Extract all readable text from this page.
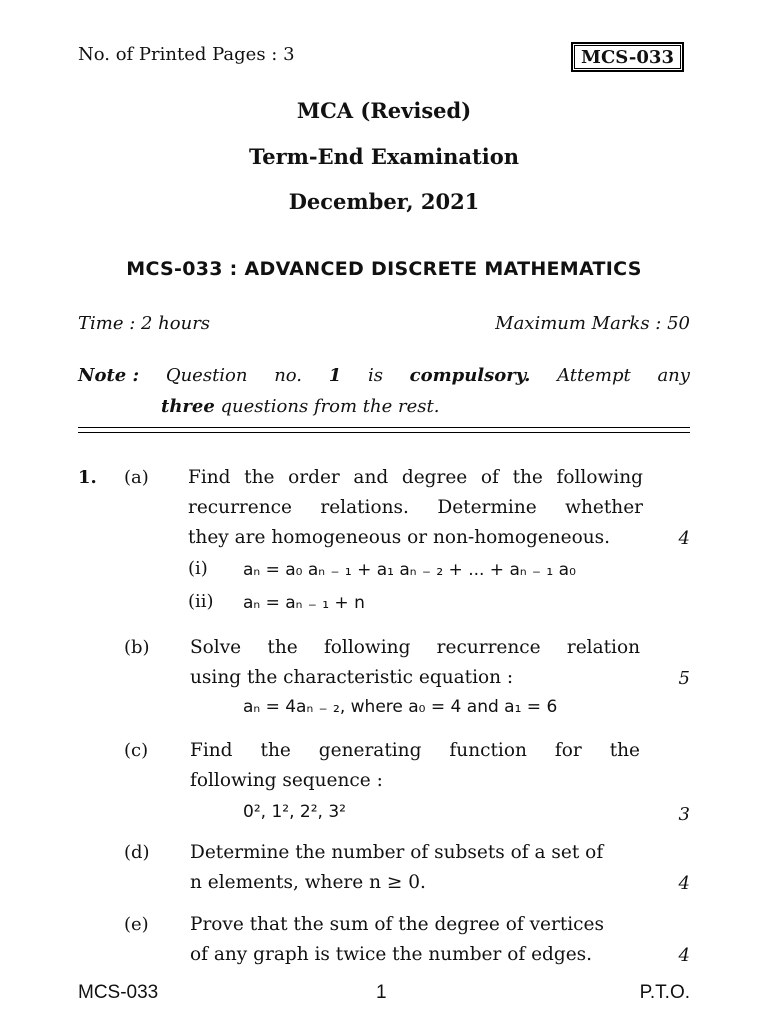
No. of Printed Pages : 3	MCS-033
MCA (Revised)
Term-End Examination
December, 2021
MCS-033 : ADVANCED DISCRETE MATHEMATICS
Time : 2 hours	Maximum Marks : 50
Note : Question no. 1 is compulsory. Attempt any
three questions from the rest.
1. (a) Find the order and degree of the following
recurrence relations. Determine whether
they are homogeneous or non-homogeneous.	4
(i) aₙ = a₀ aₙ ₋ ₁ + a₁ aₙ ₋ ₂ + ... + aₙ ₋ ₁ a₀
(ii) aₙ = aₙ ₋ ₁ + n
(b) Solve the following recurrence relation
using the characteristic equation :	5
aₙ = 4aₙ ₋ ₂, where a₀ = 4 and a₁ = 6
(c) Find the generating function for the
following sequence :
0², 1², 2², 3²	3
(d) Determine the number of subsets of a set of
n elements, where n ≥ 0.	4
(e) Prove that the sum of the degree of vertices
of any graph is twice the number of edges.	4
MCS-033	1	P.T.O.
